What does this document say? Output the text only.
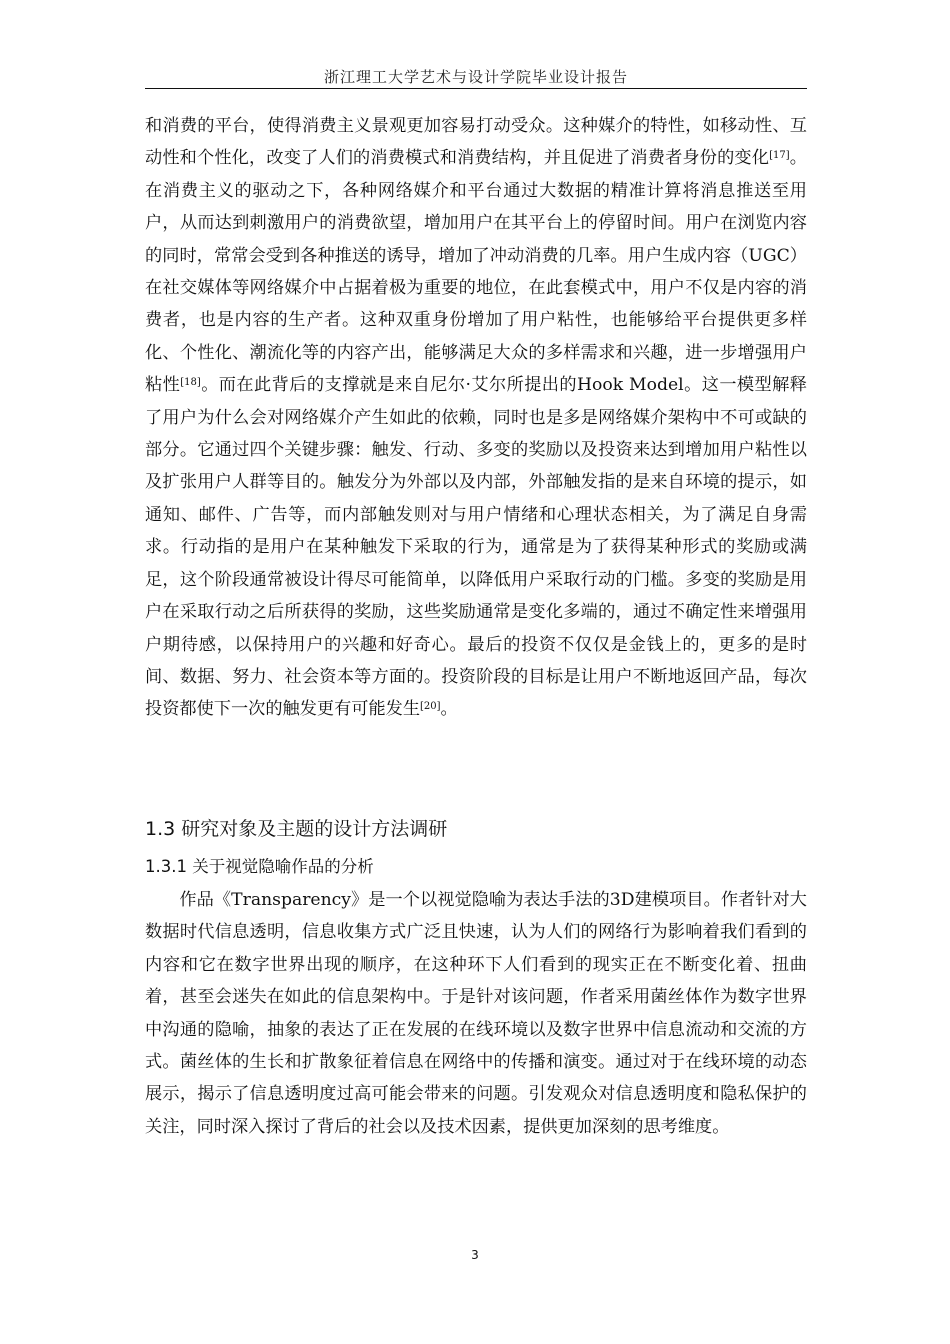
浙江理工大学艺术与设计学院毕业设计报告

和消费的平台，使得消费主义景观更加容易打动受众。这种媒介的特性，如移动性、互动性和个性化，改变了人们的消费模式和消费结构，并且促进了消费者身份的变化[17]。在消费主义的驱动之下，各种网络媒介和平台通过大数据的精准计算将消息推送至用户，从而达到刺激用户的消费欲望，增加用户在其平台上的停留时间。用户在浏览内容的同时，常常会受到各种推送的诱导，增加了冲动消费的几率。用户生成内容（UGC）在社交媒体等网络媒介中占据着极为重要的地位，在此套模式中，用户不仅是内容的消费者，也是内容的生产者。这种双重身份增加了用户粘性，也能够给平台提供更多样化、个性化、潮流化等的内容产出，能够满足大众的多样需求和兴趣，进一步增强用户粘性[18]。而在此背后的支撑就是来自尼尔·艾尔所提出的Hook Model。这一模型解释了用户为什么会对网络媒介产生如此的依赖，同时也是多是网络媒介架构中不可或缺的部分。它通过四个关键步骤：触发、行动、多变的奖励以及投资来达到增加用户粘性以及扩张用户人群等目的。触发分为外部以及内部，外部触发指的是来自环境的提示，如通知、邮件、广告等，而内部触发则对与用户情绪和心理状态相关，为了满足自身需求。行动指的是用户在某种触发下采取的行为，通常是为了获得某种形式的奖励或满足，这个阶段通常被设计得尽可能简单，以降低用户采取行动的门槛。多变的奖励是用户在采取行动之后所获得的奖励，这些奖励通常是变化多端的，通过不确定性来增强用户期待感，以保持用户的兴趣和好奇心。最后的投资不仅仅是金钱上的，更多的是时间、数据、努力、社会资本等方面的。投资阶段的目标是让用户不断地返回产品，每次投资都使下一次的触发更有可能发生[20]。

1.3 研究对象及主题的设计方法调研
1.3.1 关于视觉隐喻作品的分析

作品《Transparency》是一个以视觉隐喻为表达手法的3D建模项目。作者针对大数据时代信息透明，信息收集方式广泛且快速，认为人们的网络行为影响着我们看到的内容和它在数字世界出现的顺序，在这种环下人们看到的现实正在不断变化着、扭曲着，甚至会迷失在如此的信息架构中。于是针对该问题，作者采用菌丝体作为数字世界中沟通的隐喻，抽象的表达了正在发展的在线环境以及数字世界中信息流动和交流的方式。菌丝体的生长和扩散象征着信息在网络中的传播和演变。通过对于在线环境的动态展示，揭示了信息透明度过高可能会带来的问题。引发观众对信息透明度和隐私保护的关注，同时深入探讨了背后的社会以及技术因素，提供更加深刻的思考维度。

3
